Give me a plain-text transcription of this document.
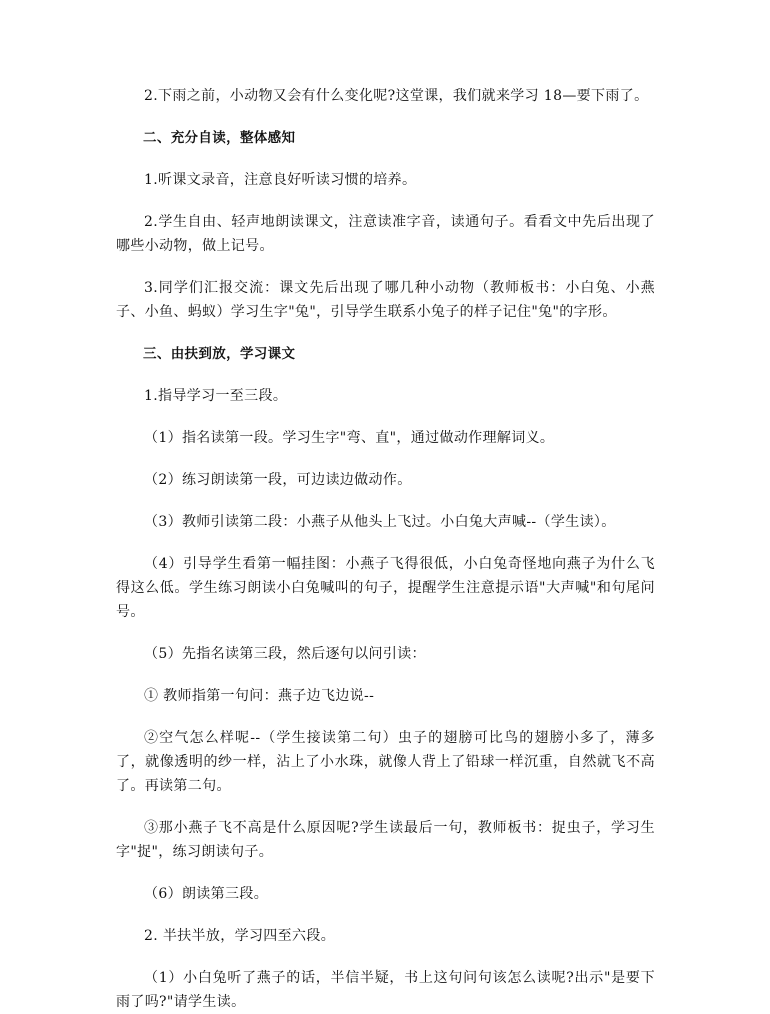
2.下雨之前，小动物又会有什么变化呢?这堂课，我们就来学习 18—要下雨了。

二、充分自读，整体感知

1.听课文录音，注意良好听读习惯的培养。

2.学生自由、轻声地朗读课文，注意读准字音，读通句子。看看文中先后出现了哪些小动物，做上记号。

3.同学们汇报交流：课文先后出现了哪几种小动物（教师板书：小白兔、小燕子、小鱼、蚂蚁）学习生字"兔"，引导学生联系小兔子的样子记住"兔"的字形。

三、由扶到放，学习课文

1.指导学习一至三段。

（1）指名读第一段。学习生字"弯、直"，通过做动作理解词义。

（2）练习朗读第一段，可边读边做动作。

（3）教师引读第二段：小燕子从他头上飞过。小白兔大声喊--（学生读）。

（4）引导学生看第一幅挂图：小燕子飞得很低，小白兔奇怪地向燕子为什么飞得这么低。学生练习朗读小白兔喊叫的句子，提醒学生注意提示语"大声喊"和句尾问号。

（5）先指名读第三段，然后逐句以问引读：

① 教师指第一句问：燕子边飞边说--

②空气怎么样呢--（学生接读第二句）虫子的翅膀可比鸟的翅膀小多了，薄多了，就像透明的纱一样，沾上了小水珠，就像人背上了铅球一样沉重，自然就飞不高了。再读第二句。

③那小燕子飞不高是什么原因呢?学生读最后一句，教师板书：捉虫子，学习生字"捉"，练习朗读句子。

（6）朗读第三段。

2. 半扶半放，学习四至六段。

（1）小白兔听了燕子的话，半信半疑，书上这句问句该怎么读呢?出示"是要下雨了吗?"请学生读。
